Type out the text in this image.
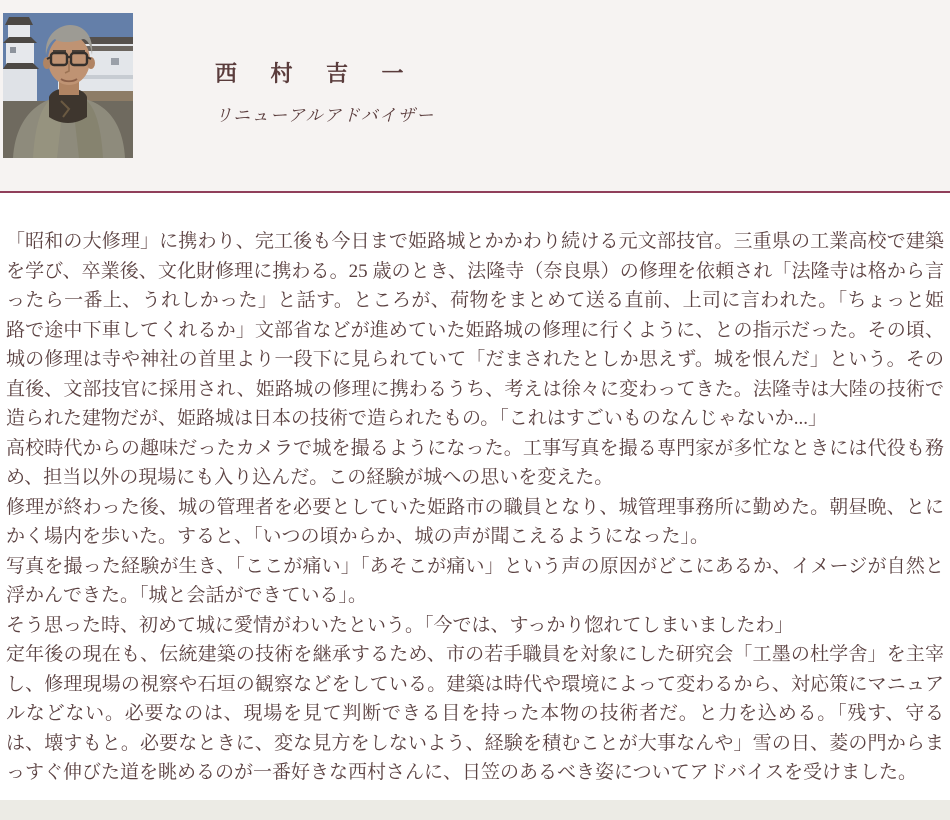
西 村 吉 一
リニューアルアドバイザー

「昭和の大修理」に携わり、完工後も今日まで姫路城とかかわり続ける元文部技官。三重県の工業高校で建築を学び、卒業後、文化財修理に携わる。25 歳のとき、法隆寺（奈良県）の修理を依頼され「法隆寺は格から言ったら一番上、うれしかった」と話す。ところが、荷物をまとめて送る直前、上司に言われた。「ちょっと姫路で途中下車してくれるか」文部省などが進めていた姫路城の修理に行くように、との指示だった。その頃、城の修理は寺や神社の首里より一段下に見られていて「だまされたとしか思えず。城を恨んだ」という。その直後、文部技官に採用され、姫路城の修理に携わるうち、考えは徐々に変わってきた。法隆寺は大陸の技術で造られた建物だが、姫路城は日本の技術で造られたもの。「これはすごいものなんじゃないか...」

高校時代からの趣味だったカメラで城を撮るようになった。工事写真を撮る専門家が多忙なときには代役も務め、担当以外の現場にも入り込んだ。この経験が城への思いを変えた。

修理が終わった後、城の管理者を必要としていた姫路市の職員となり、城管理事務所に勤めた。朝昼晩、とにかく場内を歩いた。すると、「いつの頃からか、城の声が聞こえるようになった」。

写真を撮った経験が生き、「ここが痛い」「あそこが痛い」という声の原因がどこにあるか、イメージが自然と浮かんできた。「城と会話ができている」。

そう思った時、初めて城に愛情がわいたという。「今では、すっかり惚れてしまいましたわ」

定年後の現在も、伝統建築の技術を継承するため、市の若手職員を対象にした研究会「工墨の杜学舎」を主宰し、修理現場の視察や石垣の観察などをしている。建築は時代や環境によって変わるから、対応策にマニュアルなどない。必要なのは、現場を見て判断できる目を持った本物の技術者だ。と力を込める。「残す、守るは、壊すもと。必要なときに、変な見方をしないよう、経験を積むことが大事なんや」雪の日、菱の門からまっすぐ伸びた道を眺めるのが一番好きな西村さんに、日笠のあるべき姿についてアドバイスを受けました。
